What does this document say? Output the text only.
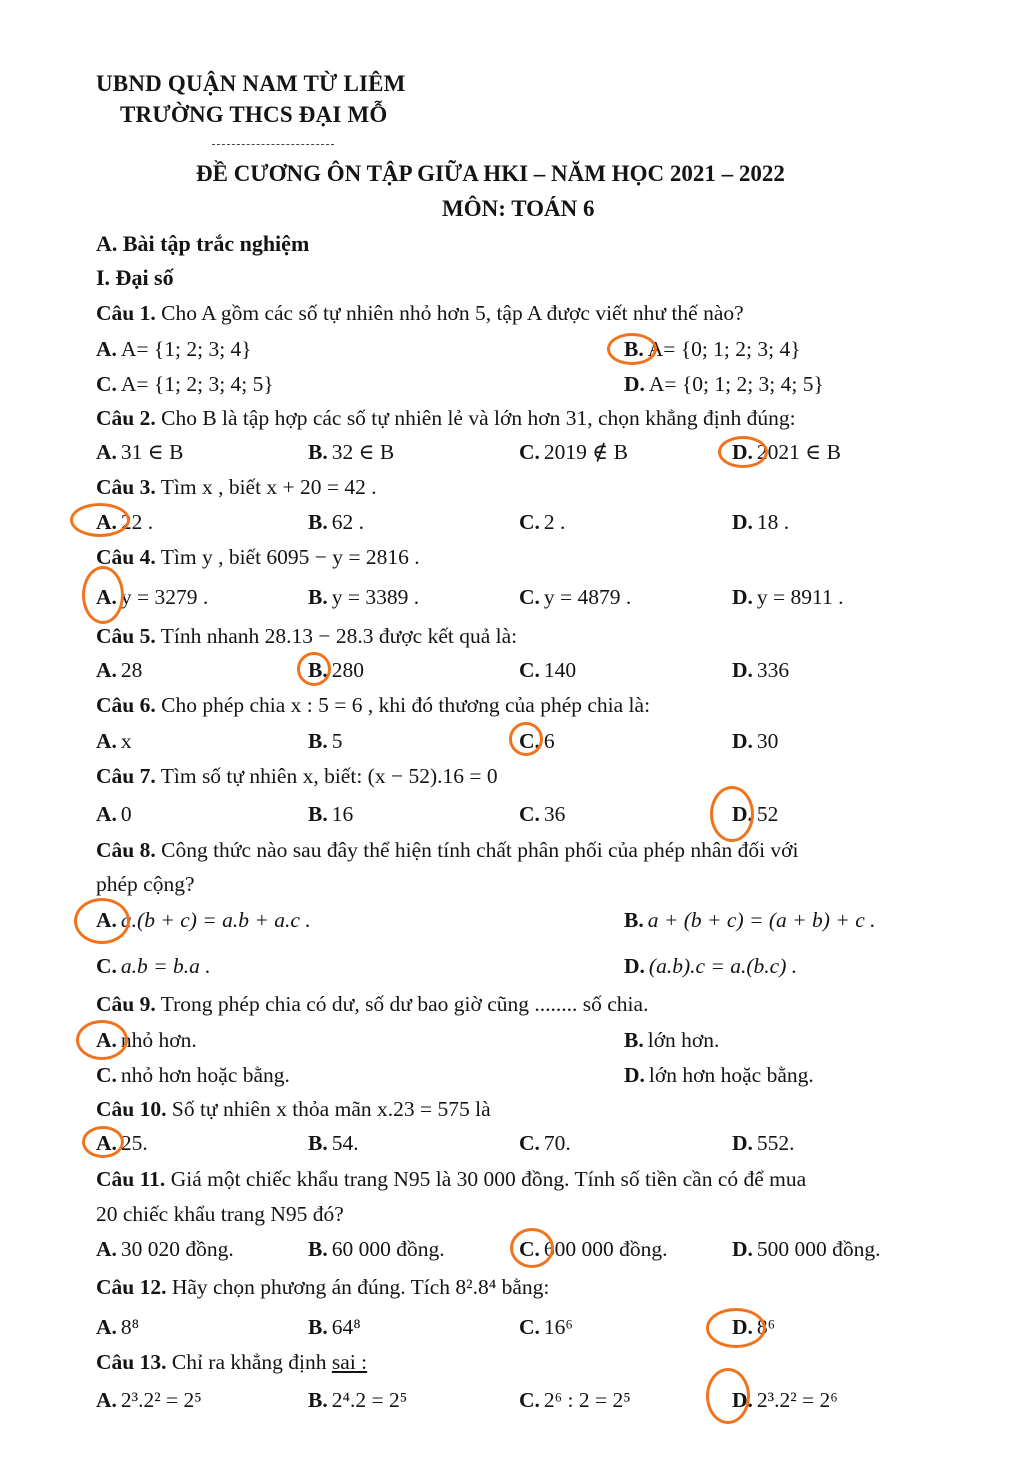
UBND QUẬN NAM TỪ LIÊM
TRƯỜNG THCS ĐẠI MỖ
ĐỀ CƯƠNG ÔN TẬP GIỮA HKI – NĂM HỌC 2021 – 2022
MÔN: TOÁN 6
A. Bài tập trắc nghiệm
I. Đại số
Câu 1. Cho A gồm các số tự nhiên nhỏ hơn 5, tập A được viết như thế nào?
A. A= {1; 2; 3; 4}	B. A= {0; 1; 2; 3; 4}
C. A= {1; 2; 3; 4; 5}	D. A= {0; 1; 2; 3; 4; 5}
Câu 2. Cho B là tập hợp các số tự nhiên lẻ và lớn hơn 31, chọn khẳng định đúng:
A. 31 ∈ B	B. 32 ∈ B	C. 2019 ∉ B	D. 2021 ∈ B
Câu 3. Tìm x , biết x + 20 = 42 .
A. 22 .	B. 62 .	C. 2 .	D. 18 .
Câu 4. Tìm y , biết 6095 − y = 2816 .
A. y = 3279 .	B. y = 3389 .	C. y = 4879 .	D. y = 8911 .
Câu 5. Tính nhanh 28.13 − 28.3 được kết quả là:
A. 28	B. 280	C. 140	D. 336
Câu 6. Cho phép chia x : 5 = 6 , khi đó thương của phép chia là:
A. x	B. 5	C. 6	D. 30
Câu 7. Tìm số tự nhiên x, biết: (x − 52).16 = 0
A. 0	B. 16	C. 36	D. 52
Câu 8. Công thức nào sau đây thể hiện tính chất phân phối của phép nhân đối với
phép cộng?
A. a.(b + c) = a.b + a.c .	B. a + (b + c) = (a + b) + c .
C. a.b = b.a .	D. (a.b).c = a.(b.c) .
Câu 9. Trong phép chia có dư, số dư bao giờ cũng ........ số chia.
A. nhỏ hơn.	B. lớn hơn.
C. nhỏ hơn hoặc bằng.	D. lớn hơn hoặc bằng.
Câu 10. Số tự nhiên x thỏa mãn x.23 = 575 là
A. 25.	B. 54.	C. 70.	D. 552.
Câu 11. Giá một chiếc khẩu trang N95 là 30 000 đồng. Tính số tiền cần có để mua
20 chiếc khẩu trang N95 đó?
A. 30 020 đồng.	B. 60 000 đồng.	C. 600 000 đồng.	D. 500 000 đồng.
Câu 12. Hãy chọn phương án đúng. Tích 8².8⁴ bằng:
A. 8⁸	B. 64⁸	C. 16⁶	D. 8⁶
Câu 13. Chỉ ra khẳng định sai :
A. 2³.2² = 2⁵	B. 2⁴.2 = 2⁵	C. 2⁶ : 2 = 2⁵	D. 2³.2² = 2⁶
